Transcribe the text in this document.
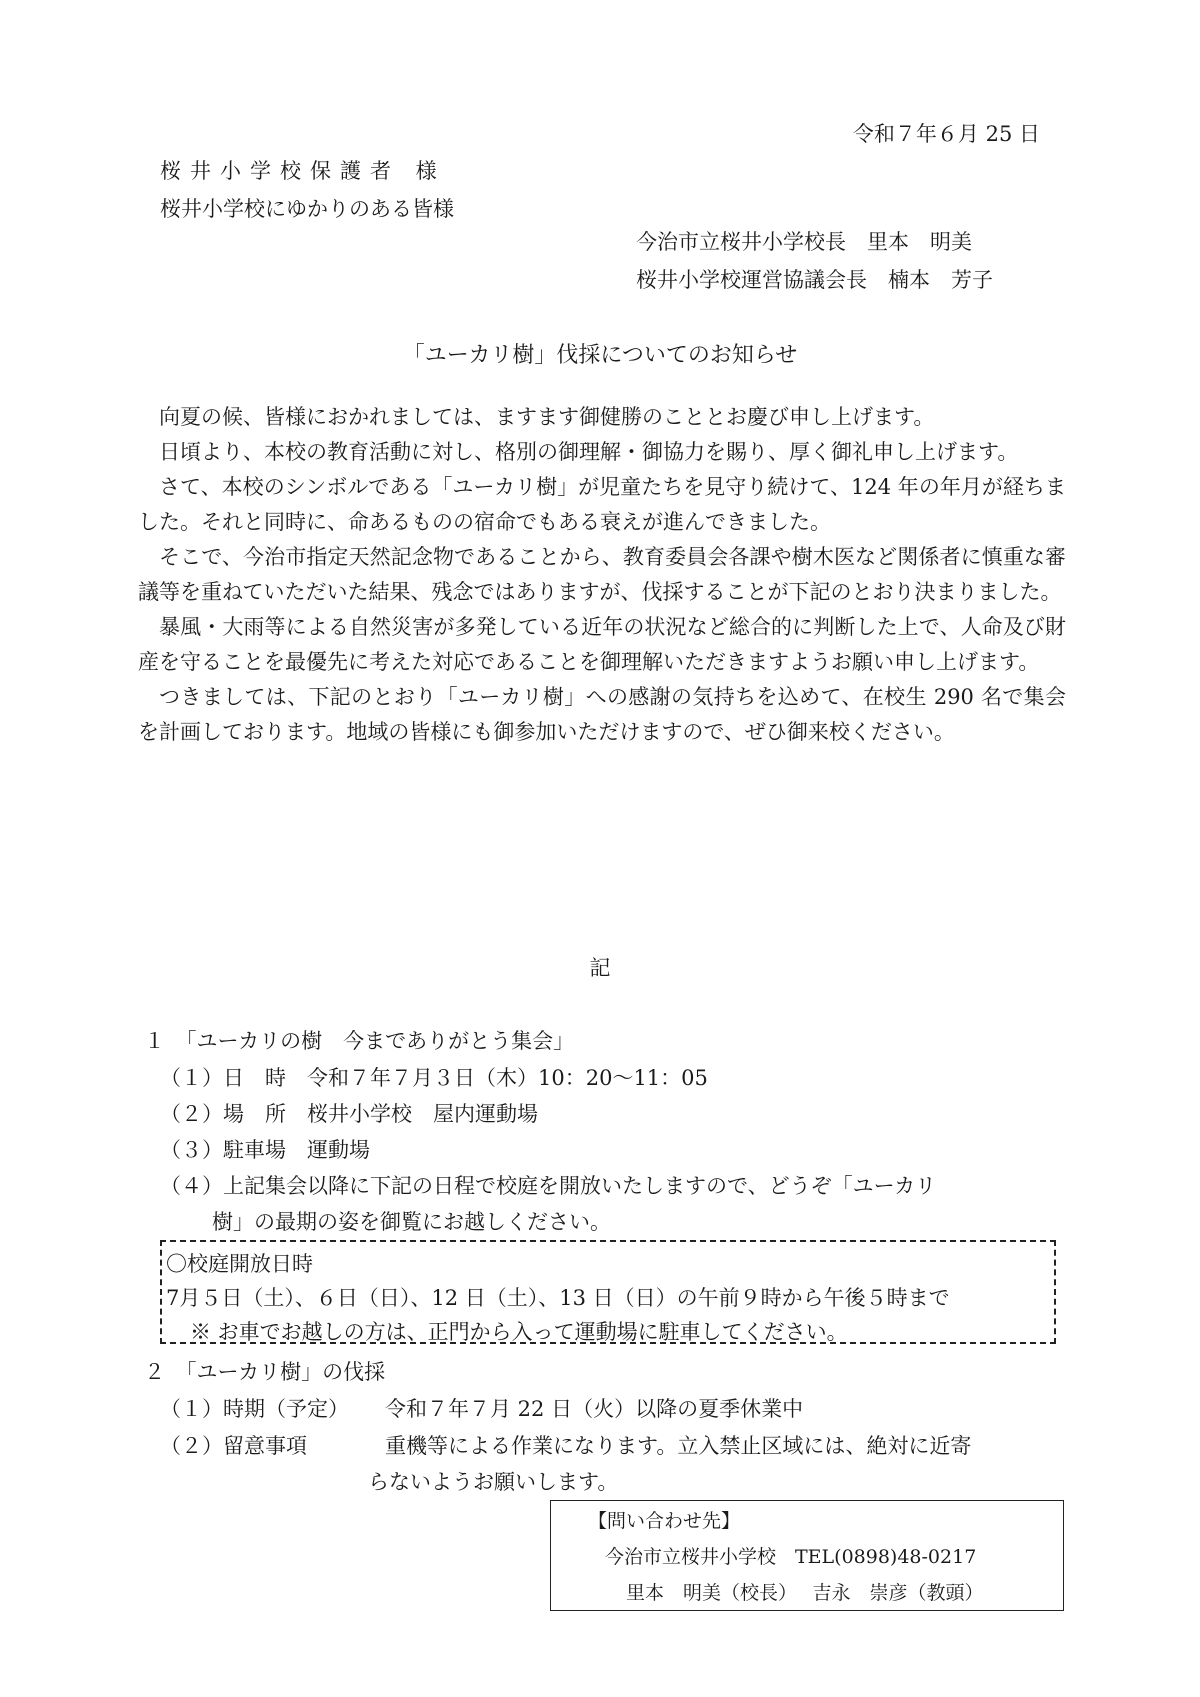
令和７年６月 25 日
桜井小学校保護者 様
桜井小学校にゆかりのある皆様
今治市立桜井小学校長　里本　明美
桜井小学校運営協議会長　楠本　芳子
「ユーカリ樹」伐採についてのお知らせ

向夏の候、皆様におかれましては、ますます御健勝のこととお慶び申し上げます。

日頃より、本校の教育活動に対し、格別の御理解・御協力を賜り、厚く御礼申し上げます。

さて、本校のシンボルである「ユーカリ樹」が児童たちを見守り続けて、124 年の年月が経ちました。それと同時に、命あるものの宿命でもある衰えが進んできました。

そこで、今治市指定天然記念物であることから、教育委員会各課や樹木医など関係者に慎重な審議等を重ねていただいた結果、残念ではありますが、伐採することが下記のとおり決まりました。

暴風・大雨等による自然災害が多発している近年の状況など総合的に判断した上で、人命及び財産を守ることを最優先に考えた対応であることを御理解いただきますようお願い申し上げます。

つきましては、下記のとおり「ユーカリ樹」への感謝の気持ちを込めて、在校生 290 名で集会を計画しております。地域の皆様にも御参加いただけますので、ぜひ御来校ください。

記
１　「ユーカリの樹　今までありがとう集会」
（１）日　時　令和７年７月３日（木）10：20～11：05
（２）場　所　桜井小学校　屋内運動場
（３）駐車場　運動場
（４）上記集会以降に下記の日程で校庭を開放いたしますので、どうぞ「ユーカリ
樹」の最期の姿を御覧にお越しください。
〇校庭開放日時
7月５日（土）、６日（日）、12 日（土）、13 日（日）の午前９時から午後５時まで
※ お車でお越しの方は、正門から入って運動場に駐車してください。
２　「ユーカリ樹」の伐採
（１）時期（予定） 令和７年７月 22 日（火）以降の夏季休業中
（２）留意事項	重機等による作業になります。立入禁止区域には、絶対に近寄
らないようお願いします。
【問い合わせ先】
今治市立桜井小学校　TEL(0898)48-0217
里本　明美（校長）　 吉永　崇彦（教頭）
